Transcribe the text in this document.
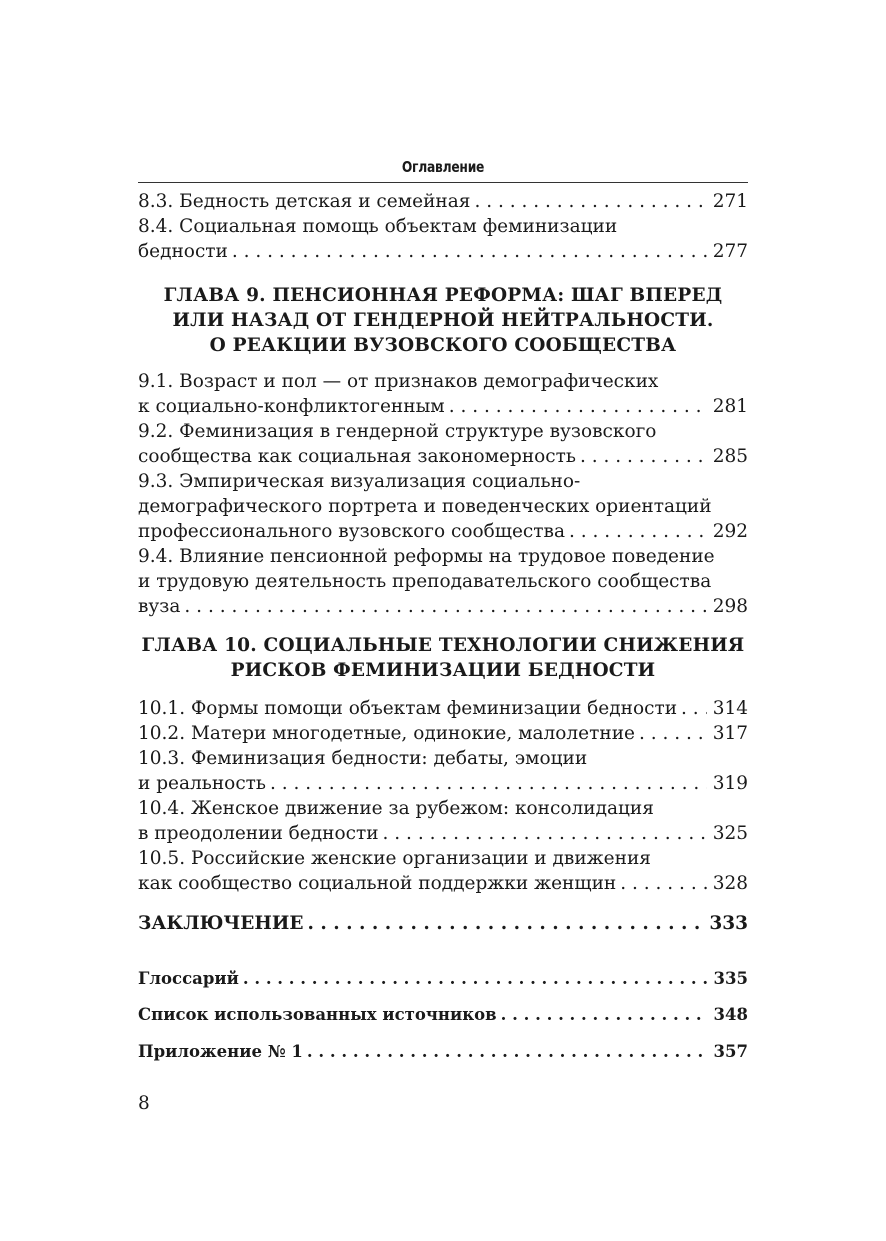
Оглавление
8.3. Бедность детская и семейная . . .	271
8.4. Социальная помощь объектам феминизации
бедности . . .	277
ГЛАВА 9. ПЕНСИОННАЯ РЕФОРМА: ШАГ ВПЕРЕД
ИЛИ НАЗАД ОТ ГЕНДЕРНОЙ НЕЙТРАЛЬНОСТИ.
О РЕАКЦИИ ВУЗОВСКОГО СООБЩЕСТВА
9.1. Возраст и пол — от признаков демографических
к социально-конфликтогенным . . .	281
9.2. Феминизация в гендерной структуре вузовского
сообщества как социальная закономерность . . .	285
9.3. Эмпирическая визуализация социально-
демографического портрета и поведенческих ориентаций
профессионального вузовского сообщества . . .	292
9.4. Влияние пенсионной реформы на трудовое поведение
и трудовую деятельность преподавательского сообщества
вуза . . .	298
ГЛАВА 10. СОЦИАЛЬНЫЕ ТЕХНОЛОГИИ СНИЖЕНИЯ
РИСКОВ ФЕМИНИЗАЦИИ БЕДНОСТИ
10.1. Формы помощи объектам феминизации бедности . . .	314
10.2. Матери многодетные, одинокие, малолетние . . .	317
10.3. Феминизация бедности: дебаты, эмоции
и реальность . . .	319
10.4. Женское движение за рубежом: консолидация
в преодолении бедности . . .	325
10.5. Российские женские организации и движения
как сообщество социальной поддержки женщин . . .	328
ЗАКЛЮЧЕНИЕ . . .	333
Глоссарий . . .	335
Список использованных источников . . .	348
Приложение № 1 . . .	357
8
